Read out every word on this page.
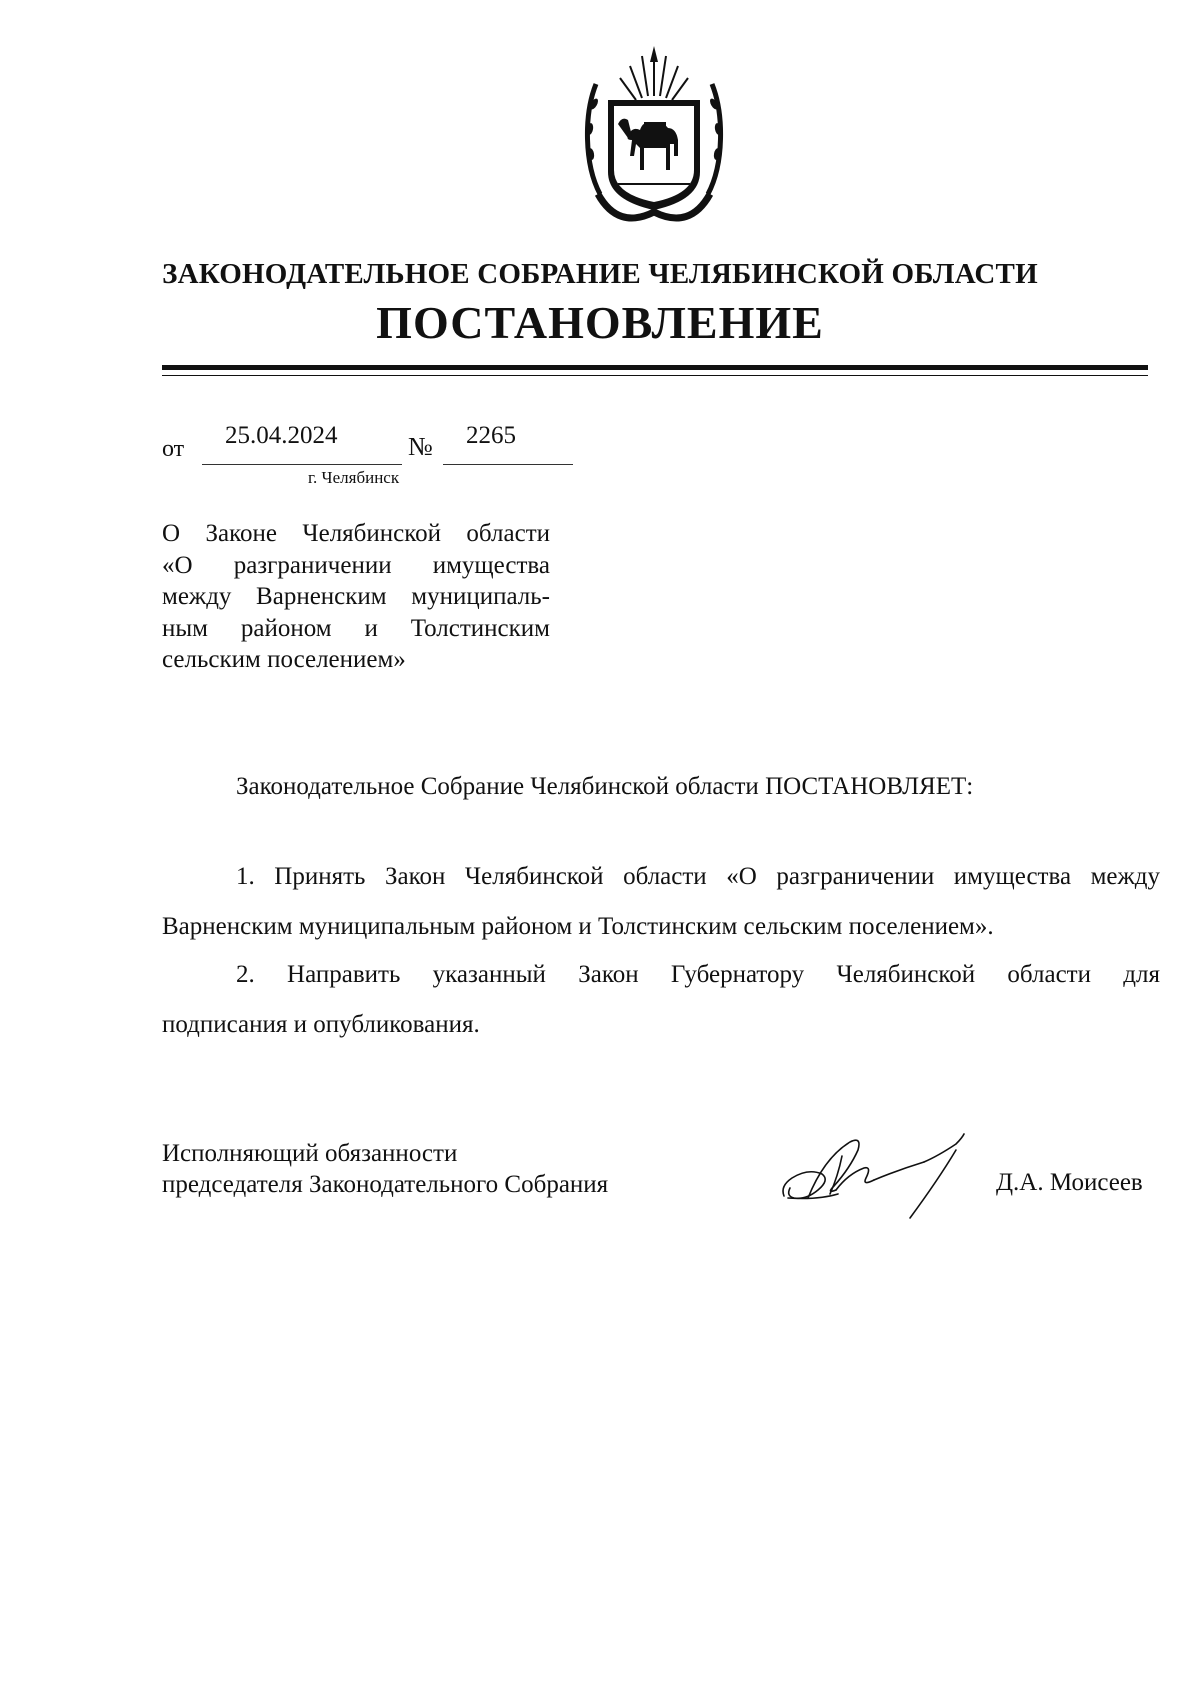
ЗАКОНОДАТЕЛЬНОЕ СОБРАНИЕ ЧЕЛЯБИНСКОЙ ОБЛАСТИ
ПОСТАНОВЛЕНИЕ
от 25.04.2024	№ 2265
г. Челябинск
О Законе Челябинской области
«О разграничении имущества
между Варненским муниципаль-
ным районом и Толстинским
сельским поселением»
Законодательное Собрание Челябинской области ПОСТАНОВЛЯЕТ:
1. Принять Закон Челябинской области «О разграничении имущества между
Варненским муниципальным районом и Толстинским сельским поселением».
2. Направить указанный Закон Губернатору Челябинской области для
подписания и опубликования.
Исполняющий обязанности
председателя Законодательного Собрания	Д.А. Моисеев
